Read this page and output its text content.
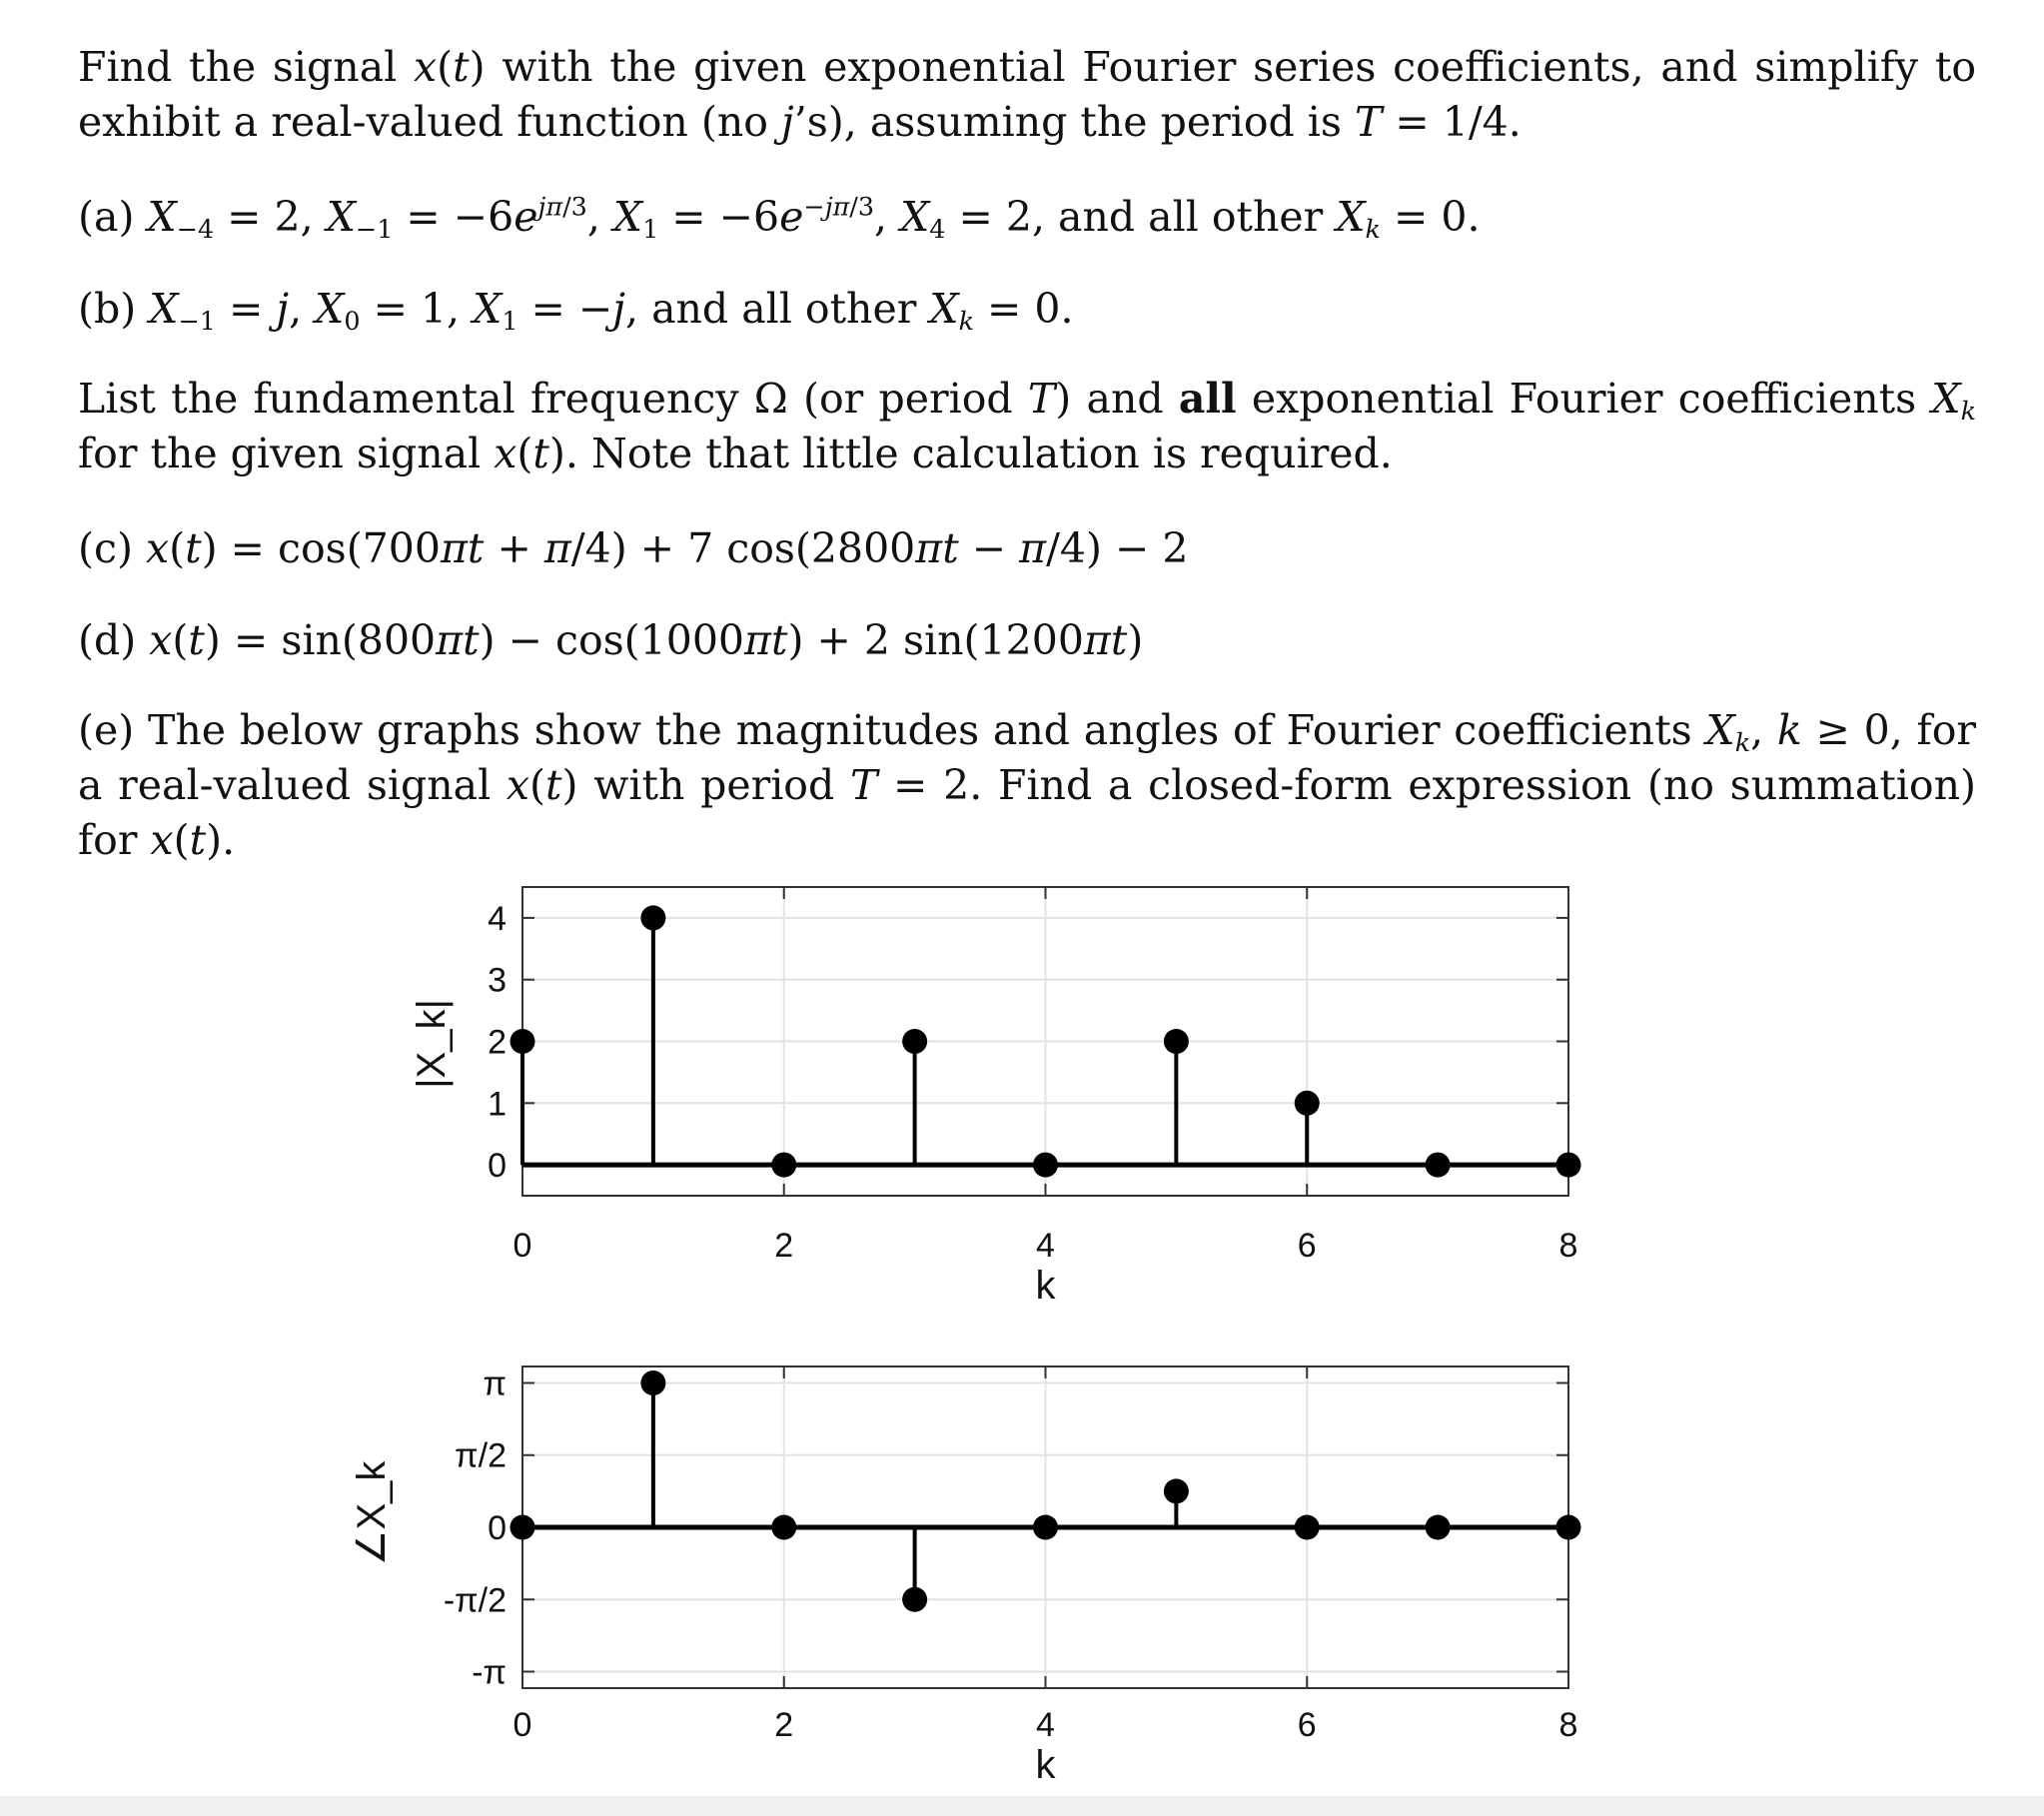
Find the signal x(t) with the given exponential Fourier series coefficients, and simplify to exhibit a real-valued function (no j’s), assuming the period is T = 1/4.

(a) $X_{-4} = 2$, $X_{-1} = -6e^{j\pi/3}$, $X_1 = -6e^{-j\pi/3}$, $X_4 = 2$, and all other $X_k = 0$.

(b) $X_{-1} = j$, $X_0 = 1$, $X_1 = -j$, and all other $X_k = 0$.

List the fundamental frequency Ω (or period T) and all exponential Fourier coefficients $X_k$ for the given signal x(t). Note that little calculation is required.

(c) x(t) = cos(700πt + π/4) + 7 cos(2800πt − π/4) − 2

(d) x(t) = sin(800πt) − cos(1000πt) + 2 sin(1200πt)

(e) The below graphs show the magnitudes and angles of Fourier coefficients $X_k$, k ≥ 0, for a real-valued signal x(t) with period T = 2. Find a closed-form expression (no summation) for x(t).

0
1
2
3
4
0	2	4	6	8
k
|X_k|
-π
-π/2
0
π/2
π
0	2	4	6	8
k
∠X_k
